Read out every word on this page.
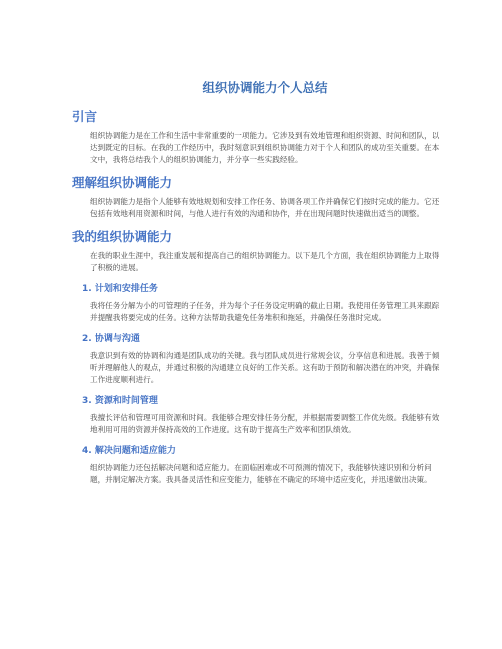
组织协调能力个人总结
引言

组织协调能力是在工作和生活中非常重要的一项能力。它涉及到有效地管理和组织资源、时间和团队，以达到既定的目标。在我的工作经历中，我时刻意识到组织协调能力对于个人和团队的成功至关重要。在本文中，我将总结我个人的组织协调能力，并分享一些实践经验。

理解组织协调能力

组织协调能力是指个人能够有效地规划和安排工作任务、协调各项工作并确保它们按时完成的能力。它还包括有效地利用资源和时间，与他人进行有效的沟通和协作，并在出现问题时快速做出适当的调整。

我的组织协调能力

在我的职业生涯中，我注重发展和提高自己的组织协调能力。以下是几个方面，我在组织协调能力上取得了积极的进展。

1. 计划和安排任务

我将任务分解为小的可管理的子任务，并为每个子任务设定明确的截止日期。我使用任务管理工具来跟踪并提醒我将要完成的任务。这种方法帮助我避免任务堆积和拖延，并确保任务准时完成。

2. 协调与沟通

我意识到有效的协调和沟通是团队成功的关键。我与团队成员进行常规会议，分享信息和进展。我善于倾听并理解他人的观点，并通过积极的沟通建立良好的工作关系。这有助于预防和解决潜在的冲突，并确保工作进度顺利进行。

3. 资源和时间管理

我擅长评估和管理可用资源和时间。我能够合理安排任务分配，并根据需要调整工作优先级。我能够有效地利用可用的资源并保持高效的工作进度。这有助于提高生产效率和团队绩效。

4. 解决问题和适应能力

组织协调能力还包括解决问题和适应能力。在面临困难或不可预测的情况下，我能够快速识别和分析问题，并制定解决方案。我具备灵活性和应变能力，能够在不确定的环境中适应变化，并迅速做出决策。
